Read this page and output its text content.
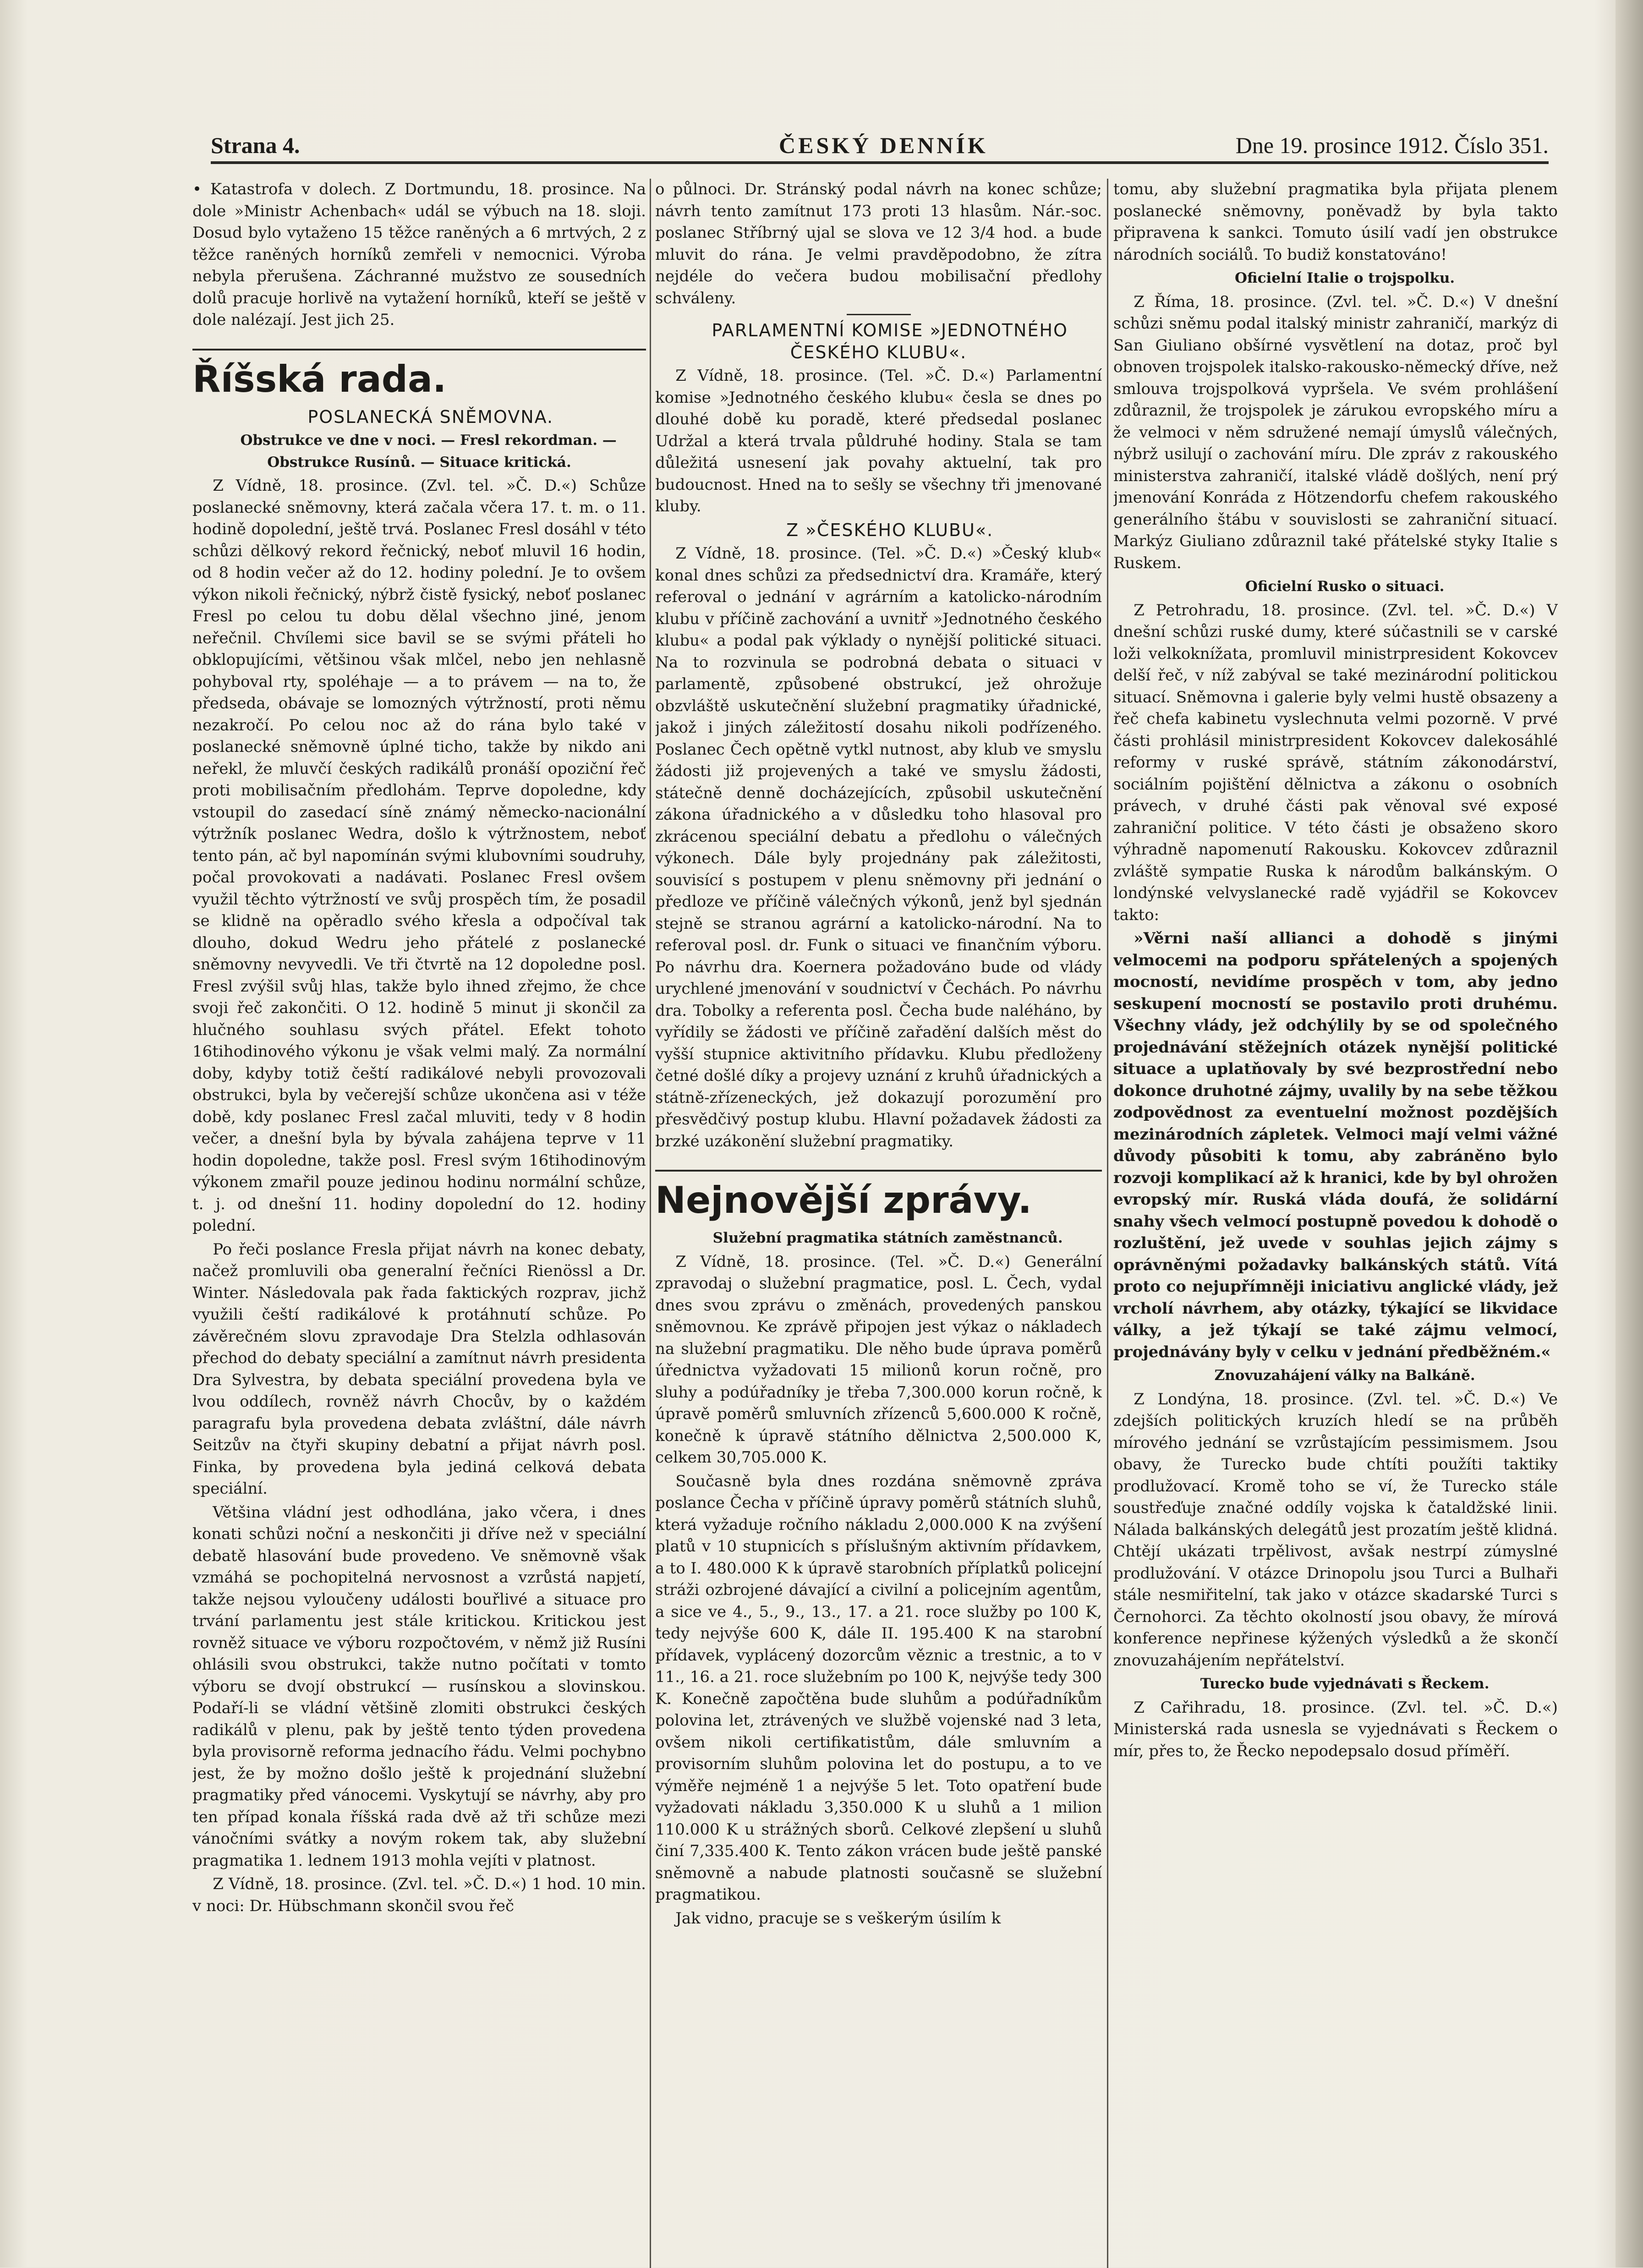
Strana 4.	ČESKÝ DENNÍK	Dne 19. prosince 1912. Číslo 351.

• Katastrofa v dolech. Z Dortmundu, 18. prosince. Na dole »Ministr Achenbach« udál se výbuch na 18. sloji. Dosud bylo vytaženo 15 těžce raněných a 6 mrtvých, 2 z těžce raněných horníků zemřeli v nemocnici. Výroba nebyla přerušena. Záchranné mužstvo ze sousedních dolů pracuje horlivě na vytažení horníků, kteří se ještě v dole nalézají. Jest jich 25.

Říšská rada.

POSLANECKÁ SNĚMOVNA.

Obstrukce ve dne v noci. — Fresl rekordman. — Obstrukce Rusínů. — Situace kritická.

Z Vídně, 18. prosince. (Zvl. tel. »Č. D.«) Schůze poslanecké sněmovny, která začala včera 17. t. m. o 11. hodině dopolední, ještě trvá. Poslanec Fresl dosáhl v této schůzi dělkový rekord řečnický, neboť mluvil 16 hodin, od 8 hodin večer až do 12. hodiny polední. Je to ovšem výkon nikoli řečnický, nýbrž čistě fysický, neboť poslanec Fresl po celou tu dobu dělal všechno jiné, jenom neřečnil. Chvílemi sice bavil se se svými přáteli ho obklopujícími, většinou však mlčel, nebo jen nehlasně pohyboval rty, spoléhaje — a to právem — na to, že předseda, obávaje se lomozných výtržností, proti němu nezakročí. Po celou noc až do rána bylo také v poslanecké sněmovně úplné ticho, takže by nikdo ani neřekl, že mluvčí českých radikálů pronáší opoziční řeč proti mobilisačním předlohám. Teprve dopoledne, kdy vstoupil do zasedací síně známý německo-nacionální výtržník poslanec Wedra, došlo k výtržnostem, neboť tento pán, ač byl napomínán svými klubovními soudruhy, počal provokovati a nadávati. Poslanec Fresl ovšem využil těchto výtržností ve svůj prospěch tím, že posadil se klidně na opěradlo svého křesla a odpočíval tak dlouho, dokud Wedru jeho přátelé z poslanecké sněmovny nevyvedli. Ve tři čtvrtě na 12 dopoledne posl. Fresl zvýšil svůj hlas, takže bylo ihned zřejmo, že chce svoji řeč zakončiti. O 12. hodině 5 minut ji skončil za hlučného souhlasu svých přátel. Efekt tohoto 16tihodinového výkonu je však velmi malý. Za normální doby, kdyby totiž čeští radikálové nebyli provozovali obstrukci, byla by večerejší schůze ukončena asi v téže době, kdy poslanec Fresl začal mluviti, tedy v 8 hodin večer, a dnešní byla by bývala zahájena teprve v 11 hodin dopoledne, takže posl. Fresl svým 16tihodinovým výkonem zmařil pouze jedinou hodinu normální schůze, t. j. od dnešní 11. hodiny dopolední do 12. hodiny polední.

Po řeči poslance Fresla přijat návrh na konec debaty, načež promluvili oba generalní řečníci Rienössl a Dr. Winter. Následovala pak řada faktických rozprav, jichž využili čeští radikálové k protáhnutí schůze. Po závěrečném slovu zpravodaje Dra Stelzla odhlasován přechod do debaty speciální a zamítnut návrh presidenta Dra Sylvestra, by debata speciální provedena byla ve lvou oddílech, rovněž návrh Chocův, by o každém paragrafu byla provedena debata zvláštní, dále návrh Seitzův na čtyři skupiny debatní a přijat návrh posl. Finka, by provedena byla jediná celková debata speciální.

Většina vládní jest odhodlána, jako včera, i dnes konati schůzi noční a neskončiti ji dříve než v speciální debatě hlasování bude provedeno. Ve sněmovně však vzmáhá se pochopitelná nervosnost a vzrůstá napjetí, takže nejsou vyloučeny události bouřlivé a situace pro trvání parlamentu jest stále kritickou. Kritickou jest rovněž situace ve výboru rozpočtovém, v němž již Rusíni ohlásili svou obstrukci, takže nutno počítati v tomto výboru se dvojí obstrukcí — rusínskou a slovinskou. Podaří-li se vládní většině zlomiti obstrukci českých radikálů v plenu, pak by ještě tento týden provedena byla provisorně reforma jednacího řádu. Velmi pochybno jest, že by možno došlo ještě k projednání služební pragmatiky před vánocemi. Vyskytují se návrhy, aby pro ten případ konala říšská rada dvě až tři schůze mezi vánočními svátky a novým rokem tak, aby služební pragmatika 1. lednem 1913 mohla vejíti v platnost.

Z Vídně, 18. prosince. (Zvl. tel. »Č. D.«) 1 hod. 10 min. v noci: Dr. Hübschmann skončil svou řeč

o půlnoci. Dr. Stránský podal návrh na konec schůze; návrh tento zamítnut 173 proti 13 hlasům. Nár.-soc. poslanec Stříbrný ujal se slova ve 12 3/4 hod. a bude mluvit do rána. Je velmi pravděpodobno, že zítra nejdéle do večera budou mobilisační předlohy schváleny.

PARLAMENTNÍ KOMISE »JEDNOTNÉHO ČESKÉHO KLUBU«.

Z Vídně, 18. prosince. (Tel. »Č. D.«) Parlamentní komise »Jednotného českého klubu« česla se dnes po dlouhé době ku poradě, které předsedal poslanec Udržal a která trvala půldruhé hodiny. Stala se tam důležitá usnesení jak povahy aktuelní, tak pro budoucnost. Hned na to sešly se všechny tři jmenované kluby.

Z »ČESKÉHO KLUBU«.

Z Vídně, 18. prosince. (Tel. »Č. D.«) »Český klub« konal dnes schůzi za předsednictví dra. Kramáře, který referoval o jednání v agrárním a katolicko-národním klubu v příčině zachování a uvnitř »Jednotného českého klubu« a podal pak výklady o nynější politické situaci. Na to rozvinula se podrobná debata o situaci v parlamentě, způsobené obstrukcí, jež ohrožuje obzvláště uskutečnění služební pragmatiky úřadnické, jakož i jiných záležitostí dosahu nikoli podřízeného. Poslanec Čech opětně vytkl nutnost, aby klub ve smyslu žádosti již projevených a také ve smyslu žádosti, státečně denně docházejících, způsobil uskutečnění zákona úřadnického a v důsledku toho hlasoval pro zkrácenou speciální debatu a předlohu o válečných výkonech. Dále byly projednány pak záležitosti, souvisící s postupem v plenu sněmovny při jednání o předloze ve příčině válečných výkonů, jenž byl sjednán stejně se stranou agrární a katolicko-národní. Na to referoval posl. dr. Funk o situaci ve finančním výboru. Po návrhu dra. Koernera požadováno bude od vlády urychlené jmenování v soudnictví v Čechách. Po návrhu dra. Tobolky a referenta posl. Čecha bude naléháno, by vyřídily se žádosti ve příčině zařadění dalších měst do vyšší stupnice aktivitního přídavku. Klubu předloženy četné došlé díky a projevy uznání z kruhů úřadnických a státně-zřízeneckých, jež dokazují porozumění pro přesvědčivý postup klubu. Hlavní požadavek žádosti za brzké uzákonění služební pragmatiky.

Nejnovější zprávy.

Služební pragmatika státních zaměstnanců.

Z Vídně, 18. prosince. (Tel. »Č. D.«) Generální zpravodaj o služební pragmatice, posl. L. Čech, vydal dnes svou zprávu o změnách, provedených panskou sněmovnou. Ke zprávě připojen jest výkaz o nákladech na služební pragmatiku. Dle něho bude úprava poměrů úřednictva vyžadovati 15 milionů korun ročně, pro sluhy a podúřadníky je třeba 7,300.000 korun ročně, k úpravě poměrů smluvních zřízenců 5,600.000 K ročně, konečně k úpravě státního dělnictva 2,500.000 K, celkem 30,705.000 K.

Současně byla dnes rozdána sněmovně zpráva poslance Čecha v příčině úpravy poměrů státních sluhů, která vyžaduje ročního nákladu 2,000.000 K na zvýšení platů v 10 stupnicích s příslušným aktivním přídavkem, a to I. 480.000 K k úpravě starobních příplatků policejní stráži ozbrojené dávající a civilní a policejním agentům, a sice ve 4., 5., 9., 13., 17. a 21. roce služby po 100 K, tedy nejvýše 600 K, dále II. 195.400 K na starobní přídavek, vyplácený dozorcům věznic a trestnic, a to v 11., 16. a 21. roce služebním po 100 K, nejvýše tedy 300 K. Konečně započtěna bude sluhům a podúřadníkům polovina let, ztrávených ve službě vojenské nad 3 leta, ovšem nikoli certifikatistům, dále smluvním a provisorním sluhům polovina let do postupu, a to ve výměře nejméně 1 a nejvýše 5 let. Toto opatření bude vyžadovati nákladu 3,350.000 K u sluhů a 1 milion 110.000 K u strážných sborů. Celkové zlepšení u sluhů činí 7,335.400 K. Tento zákon vrácen bude ještě panské sněmovně a nabude platnosti současně se služební pragmatikou.

Jak vidno, pracuje se s veškerým úsilím k

tomu, aby služební pragmatika byla přijata plenem poslanecké sněmovny, poněvadž by byla takto připravena k sankci. Tomuto úsilí vadí jen obstrukce národních sociálů. To budiž konstatováno!

Oficielní Italie o trojspolku.

Z Říma, 18. prosince. (Zvl. tel. »Č. D.«) V dnešní schůzi sněmu podal italský ministr zahraničí, markýz di San Giuliano obšírné vysvětlení na dotaz, proč byl obnoven trojspolek italsko-rakousko-německý dříve, než smlouva trojspolková vypršela. Ve svém prohlášení zdůraznil, že trojspolek je zárukou evropského míru a že velmoci v něm sdružené nemají úmyslů válečných, nýbrž usilují o zachování míru. Dle zpráv z rakouského ministerstva zahraničí, italské vládě došlých, není prý jmenování Konráda z Hötzendorfu chefem rakouského generálního štábu v souvislosti se zahraniční situací. Markýz Giuliano zdůraznil také přátelské styky Italie s Ruskem.

Oficielní Rusko o situaci.

Z Petrohradu, 18. prosince. (Zvl. tel. »Č. D.«) V dnešní schůzi ruské dumy, které súčastnili se v carské loži velkoknížata, promluvil ministrpresident Kokovcev delší řeč, v níž zabýval se také mezinárodní politickou situací. Sněmovna i galerie byly velmi hustě obsazeny a řeč chefa kabinetu vyslechnuta velmi pozorně. V prvé části prohlásil ministrpresident Kokovcev dalekosáhlé reformy v ruské správě, státním zákonodárství, sociálním pojištění dělnictva a zákonu o osobních právech, v druhé části pak věnoval své exposé zahraniční politice. V této části je obsaženo skoro výhradně napomenutí Rakousku. Kokovcev zdůraznil zvláště sympatie Ruska k národům balkánským. O londýnské velvyslanecké radě vyjádřil se Kokovcev takto:

»Věrni naší allianci a dohodě s jinými velmocemi na podporu spřátelených a spojených mocností, nevidíme prospěch v tom, aby jedno seskupení mocností se postavilo proti druhému. Všechny vlády, jež odchýlily by se od společného projednávání stěžejních otázek nynější politické situace a uplatňovaly by své bezprostřední nebo dokonce druhotné zájmy, uvalily by na sebe těžkou zodpovědnost za eventuelní možnost pozdějších mezinárodních zápletek. Velmoci mají velmi vážné důvody působiti k tomu, aby zabráněno bylo rozvoji komplikací až k hranici, kde by byl ohrožen evropský mír. Ruská vláda doufá, že solidární snahy všech velmocí postupně povedou k dohodě o rozluštění, jež uvede v souhlas jejich zájmy s oprávněnými požadavky balkánských států. Vítá proto co nejupřímněji iniciativu anglické vlády, jež vrcholí návrhem, aby otázky, týkající se likvidace války, a jež týkají se také zájmu velmocí, projednávány byly v celku v jednání předběžném.«

Znovuzahájení války na Balkáně.

Z Londýna, 18. prosince. (Zvl. tel. »Č. D.«) Ve zdejších politických kruzích hledí se na průběh mírového jednání se vzrůstajícím pessimismem. Jsou obavy, že Turecko bude chtíti použíti taktiky prodlužovací. Kromě toho se ví, že Turecko stále soustřeďuje značné oddíly vojska k čataldžské linii. Nálada balkánských delegátů jest prozatím ještě klidná. Chtějí ukázati trpělivost, avšak nestrpí zúmyslné prodlužování. V otázce Drinopolu jsou Turci a Bulhaři stále nesmiřitelní, tak jako v otázce skadarské Turci s Černohorci. Za těchto okolností jsou obavy, že mírová konference nepřinese kýžených výsledků a že skončí znovuzahájením nepřátelství.

Turecko bude vyjednávati s Řeckem.

Z Cařihradu, 18. prosince. (Zvl. tel. »Č. D.«) Ministerská rada usnesla se vyjednávati s Řeckem o mír, přes to, že Řecko nepodepsalo dosud příměří.
